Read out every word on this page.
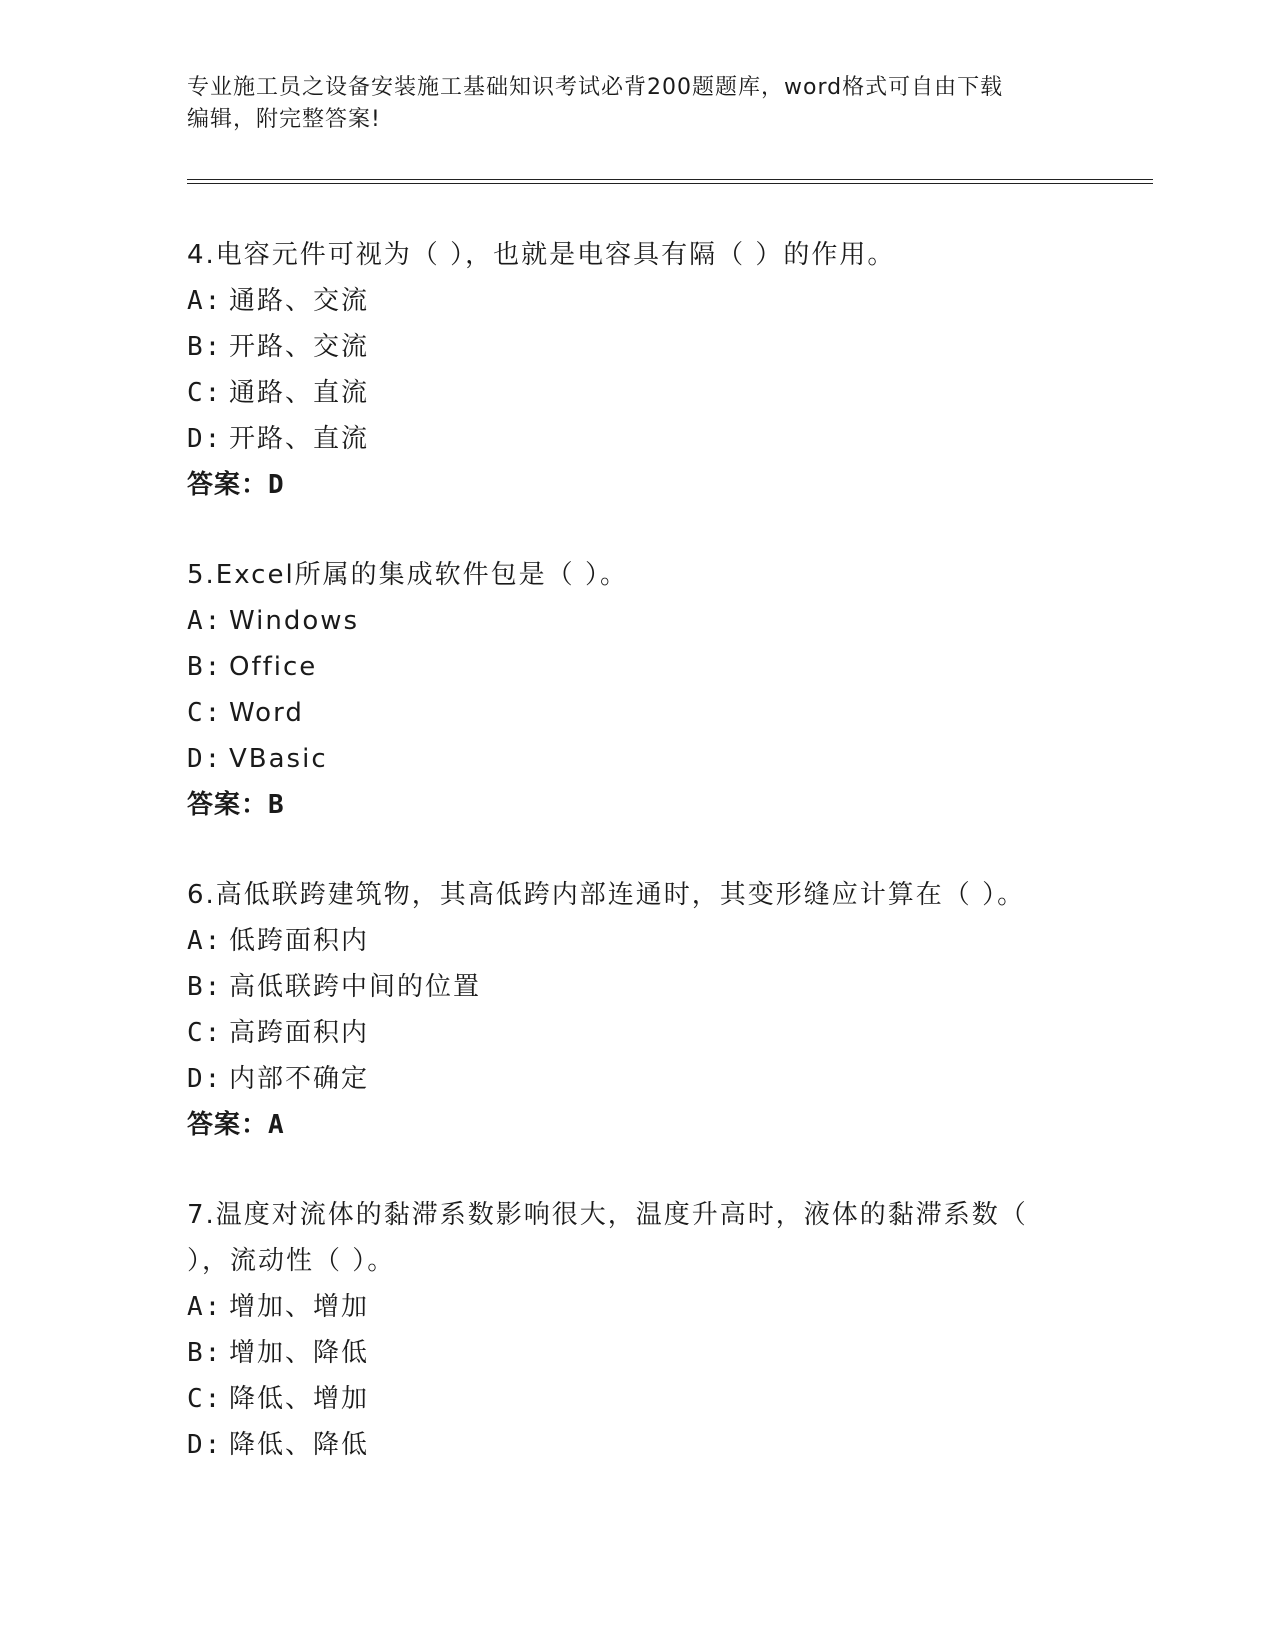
专业施工员之设备安装施工基础知识考试必背200题题库，word格式可自由下载
编辑，附完整答案!
4.电容元件可视为（ ），也就是电容具有隔（ ）的作用。
A: 通路、交流
B: 开路、交流
C: 通路、直流
D: 开路、直流
答案：D
5.Excel所属的集成软件包是（ ）。
A: Windows
B: Office
C: Word
D: VBasic
答案：B
6.高低联跨建筑物，其高低跨内部连通时，其变形缝应计算在（ ）。
A: 低跨面积内
B: 高低联跨中间的位置
C: 高跨面积内
D: 内部不确定
答案：A
7.温度对流体的黏滞系数影响很大，温度升高时，液体的黏滞系数（
），流动性（ ）。
A: 增加、增加
B: 增加、降低
C: 降低、增加
D: 降低、降低
